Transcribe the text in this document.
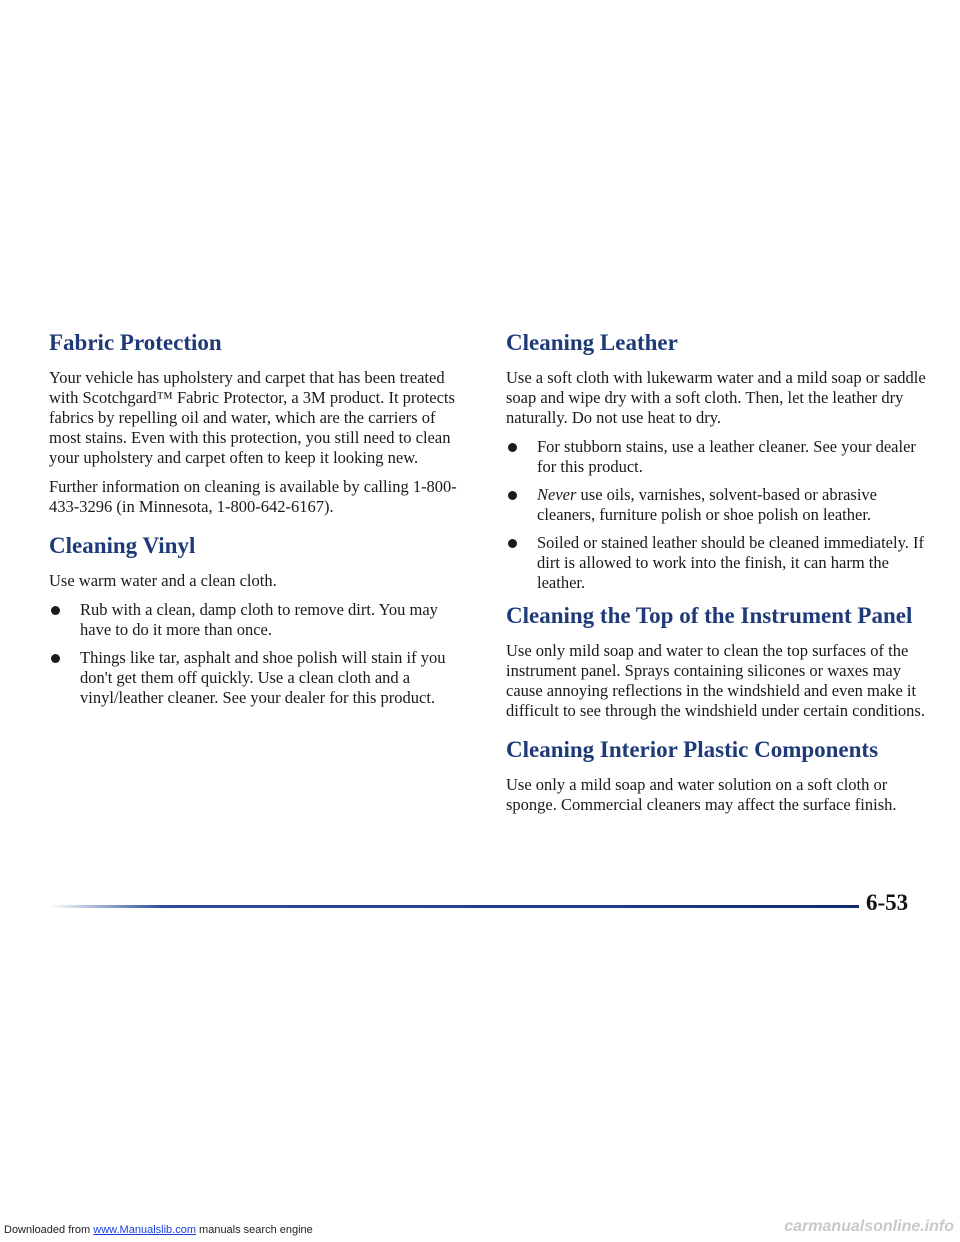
Fabric Protection

Your vehicle has upholstery and carpet that has been treated with Scotchgard™ Fabric Protector, a 3M product. It protects fabrics by repelling oil and water, which are the carriers of most stains. Even with this protection, you still need to clean your upholstery and carpet often to keep it looking new.

Further information on cleaning is available by calling 1-800-433-3296 (in Minnesota, 1-800-642-6167).

Cleaning Vinyl

Use warm water and a clean cloth.

Rub with a clean, damp cloth to remove dirt. You may have to do it more than once.
Things like tar, asphalt and shoe polish will stain if you don't get them off quickly. Use a clean cloth and a vinyl/leather cleaner. See your dealer for this product.
Cleaning Leather

Use a soft cloth with lukewarm water and a mild soap or saddle soap and wipe dry with a soft cloth. Then, let the leather dry naturally. Do not use heat to dry.

For stubborn stains, use a leather cleaner. See your dealer for this product.
Never use oils, varnishes, solvent-based or abrasive cleaners, furniture polish or shoe polish on leather.
Soiled or stained leather should be cleaned immediately. If dirt is allowed to work into the finish, it can harm the leather.
Cleaning the Top of the Instrument Panel

Use only mild soap and water to clean the top surfaces of the instrument panel. Sprays containing silicones or waxes may cause annoying reflections in the windshield and even make it difficult to see through the windshield under certain conditions.

Cleaning Interior Plastic Components

Use only a mild soap and water solution on a soft cloth or sponge. Commercial cleaners may affect the surface finish.

6-53
Downloaded from www.Manualslib.com manuals search engine	carmanualsonline.info
